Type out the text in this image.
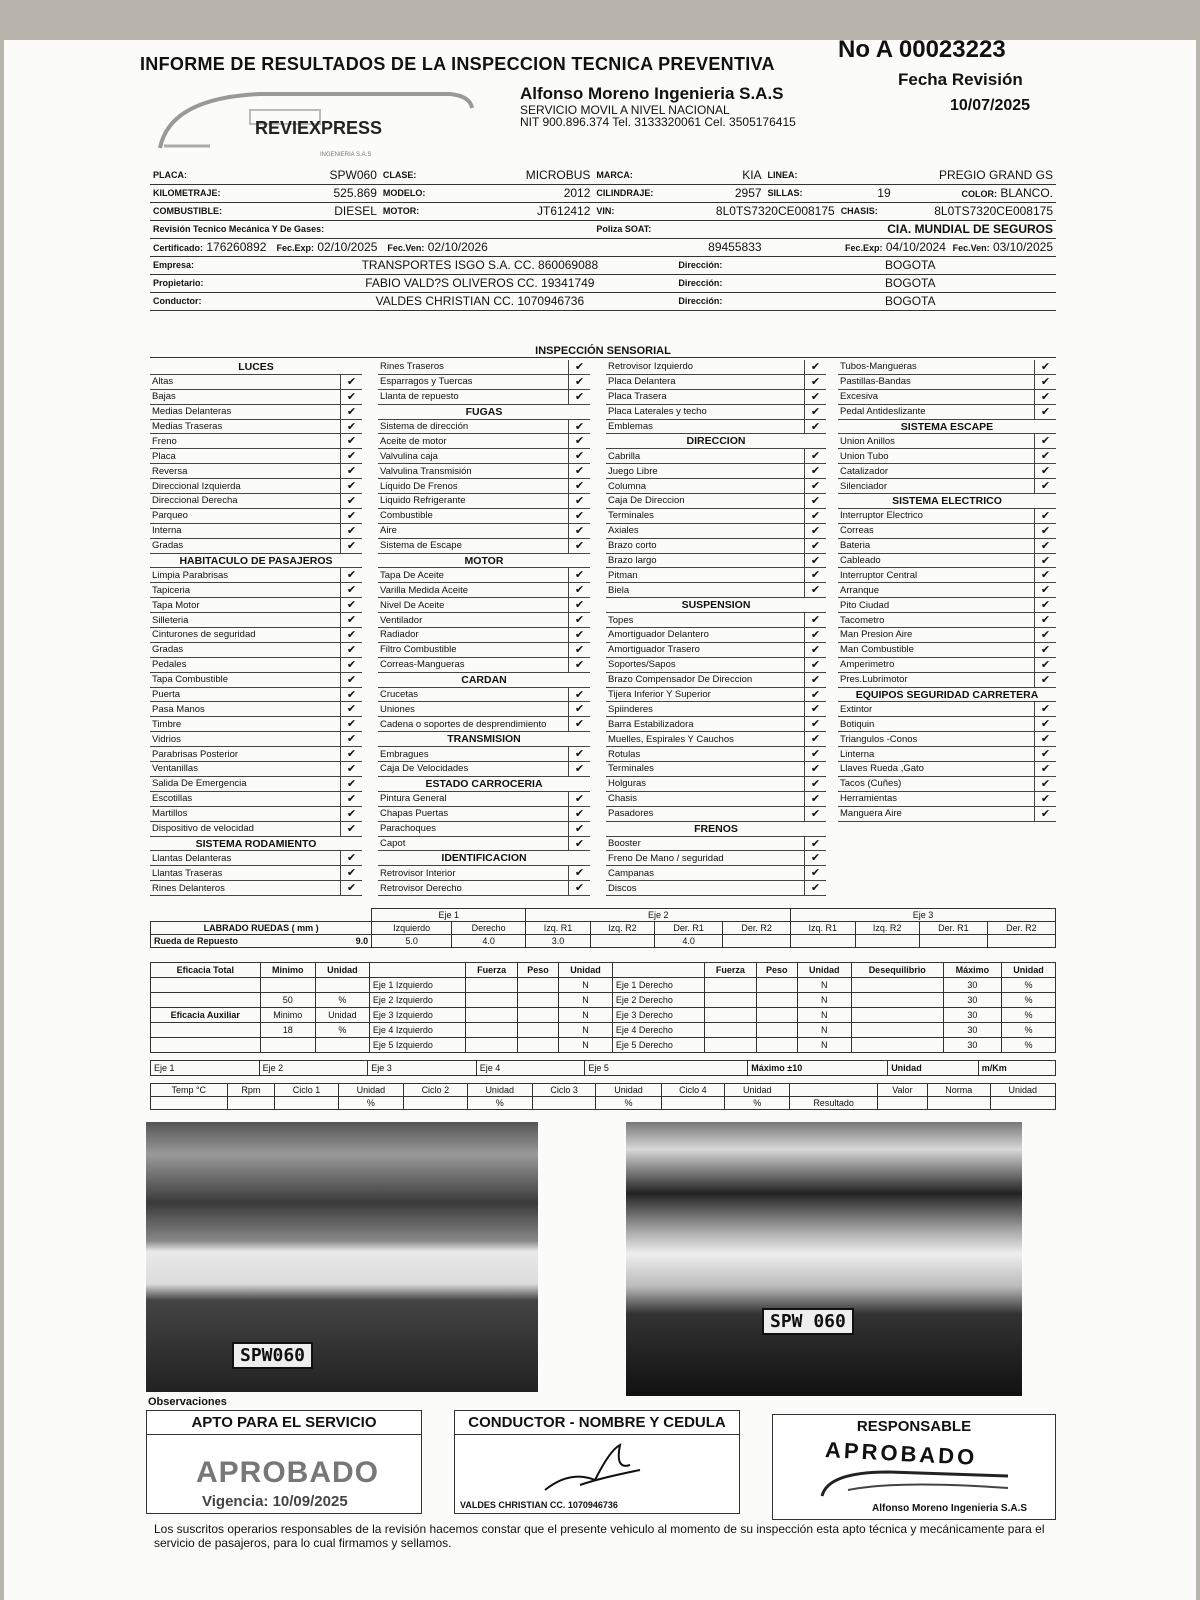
INFORME DE RESULTADOS DE LA INSPECCION TECNICA PREVENTIVA
No A 00023223
Fecha Revisión
10/07/2025
REVIEXPRESS
INGENIERIA S.A.S
Alfonso Moreno Ingenieria S.A.S
SERVICIO MOVIL A NIVEL NACIONAL
NIT 900.896.374 Tel. 3133320061 Cel. 3505176415
PLACA:	SPW060	CLASE:	MICROBUS	MARCA:	KIA	LINEA:	PREGIO GRAND GS	
KILOMETRAJE:	525.869	MODELO:	2012	CILINDRAJE:	2957	SILLAS:	19	COLOR: BLANCO.
COMBUSTIBLE:	DIESEL	MOTOR:	JT612412	VIN:	8L0TS7320CE008175		CHASIS:	8L0TS7320CE008175
Revisión Tecnico Mecánica Y De Gases:				Poliza SOAT:		CIA. MUNDIAL DE SEGUROS		
Certificado: 176260892 Fec.Exp: 02/10/2025 Fec.Ven: 02/10/2026				89455833		Fec.Exp: 04/10/2024 Fec.Ven: 03/10/2025		
Empresa:	TRANSPORTES ISGO S.A. CC. 860069088				Dirección:	BOGOTA		
Propietario:	FABIO VALD?S OLIVEROS CC. 19341749				Dirección:	BOGOTA		
Conductor:	VALDES CHRISTIAN CC. 1070946736				Dirección:	BOGOTA		
INSPECCIÓN SENSORIAL
LUCES
Altas	✔
Bajas	✔
Medias Delanteras	✔
Medias Traseras	✔
Freno	✔
Placa	✔
Reversa	✔
Direccional Izquierda	✔
Direccional Derecha	✔
Parqueo	✔
Interna	✔
Gradas	✔
HABITACULO DE PASAJEROS
Limpia Parabrisas	✔
Tapiceria	✔
Tapa Motor	✔
Silleteria	✔
Cinturones de seguridad	✔
Gradas	✔
Pedales	✔
Tapa Combustible	✔
Puerta	✔
Pasa Manos	✔
Timbre	✔
Vidrios	✔
Parabrisas Posterior	✔
Ventanillas	✔
Salida De Emergencia	✔
Escotillas	✔
Martillos	✔
Dispositivo de velocidad	✔
SISTEMA RODAMIENTO
Llantas Delanteras	✔
Llantas Traseras	✔
Rines Delanteros	✔
Rines Traseros	✔
Esparragos y Tuercas	✔
Llanta de repuesto	✔
FUGAS
Sistema de dirección	✔
Aceite de motor	✔
Valvulina caja	✔
Valvulina Transmisión	✔
Liquido De Frenos	✔
Liquido Refrigerante	✔
Combustible	✔
Aire	✔
Sistema de Escape	✔
MOTOR
Tapa De Aceite	✔
Varilla Medida Aceite	✔
Nivel De Aceite	✔
Ventilador	✔
Radiador	✔
Filtro Combustible	✔
Correas-Mangueras	✔
CARDAN
Crucetas	✔
Uniones	✔
Cadena o soportes de desprendimiento	✔
TRANSMISION
Embragues	✔
Caja De Velocidades	✔
ESTADO CARROCERIA
Pintura General	✔
Chapas Puertas	✔
Parachoques	✔
Capot	✔
IDENTIFICACION
Retrovisor Interior	✔
Retrovisor Derecho	✔
Retrovisor Izquierdo	✔
Placa Delantera	✔
Placa Trasera	✔
Placa Laterales y techo	✔
Emblemas	✔
DIRECCION
Cabrilla	✔
Juego Libre	✔
Columna	✔
Caja De Direccion	✔
Terminales	✔
Axiales	✔
Brazo corto	✔
Brazo largo	✔
Pitman	✔
Biela	✔
SUSPENSION
Topes	✔
Amortiguador Delantero	✔
Amortiguador Trasero	✔
Soportes/Sapos	✔
Brazo Compensador De Direccion	✔
Tijera Inferior Y Superior	✔
Spiinderes	✔
Barra Estabilizadora	✔
Muelles, Espirales Y Cauchos	✔
Rotulas	✔
Terminales	✔
Holguras	✔
Chasis	✔
Pasadores	✔
FRENOS
Booster	✔
Freno De Mano / seguridad	✔
Campanas	✔
Discos	✔
Tubos-Mangueras	✔
Pastillas-Bandas	✔
Excesiva	✔
Pedal Antideslizante	✔
SISTEMA ESCAPE
Union Anillos	✔
Union Tubo	✔
Catalizador	✔
Silenciador	✔
SISTEMA ELECTRICO
Interruptor Electrico	✔
Correas	✔
Bateria	✔
Cableado	✔
Interruptor Central	✔
Arranque	✔
Pito Ciudad	✔
Tacometro	✔
Man Presion Aire	✔
Man Combustible	✔
Amperimetro	✔
Pres.Lubrimotor	✔
EQUIPOS SEGURIDAD CARRETERA
Extintor	✔
Botiquin	✔
Triangulos -Conos	✔
Linterna	✔
Llaves Rueda ,Gato	✔
Tacos (Cuñes)	✔
Herramientas	✔
Manguera Aire	✔
	Eje 1		Eje 2				Eje 3			
LABRADO RUEDAS ( mm )	Izquierdo	Derecho	Izq. R1	Izq. R2	Der. R1	Der. R2	Izq. R1	Izq. R2	Der. R1	Der. R2
Rueda de Repuesto 9.0	5.0	4.0	3.0		4.0					
Eficacia Total	Minimo	Unidad		Fuerza	Peso	Unidad		Fuerza	Peso	Unidad	Desequilibrio	Máximo	Unidad
			Eje 1 Izquierdo			N	Eje 1 Derecho			N		30	%
	50	%	Eje 2 Izquierdo			N	Eje 2 Derecho			N		30	%
Eficacia Auxiliar	Minimo	Unidad	Eje 3 Izquierdo			N	Eje 3 Derecho			N		30	%
	18	%	Eje 4 Izquierdo			N	Eje 4 Derecho			N		30	%
			Eje 5 Izquierdo			N	Eje 5 Derecho			N		30	%
Eje 1	Eje 2	Eje 3	Eje 4	Eje 5	Máximo ±10	Unidad	m/Km
Temp °C	Rpm	Ciclo 1	Unidad	Ciclo 2	Unidad	Ciclo 3	Unidad	Ciclo 4	Unidad		Valor	Norma	Unidad
			%		%		%		%	Resultado			
SPW060
SPW 060
Observaciones
APTO PARA EL SERVICIO
APROBADO
Vigencia: 10/09/2025
CONDUCTOR - NOMBRE Y CEDULA
VALDES CHRISTIAN CC. 1070946736
RESPONSABLE
APROBADO
Alfonso Moreno Ingenieria S.A.S
Los suscritos operarios responsables de la revisión hacemos constar que el presente vehiculo al momento de su inspección esta apto técnica y mecánicamente para el servicio de pasajeros, para lo cual firmamos y sellamos.
